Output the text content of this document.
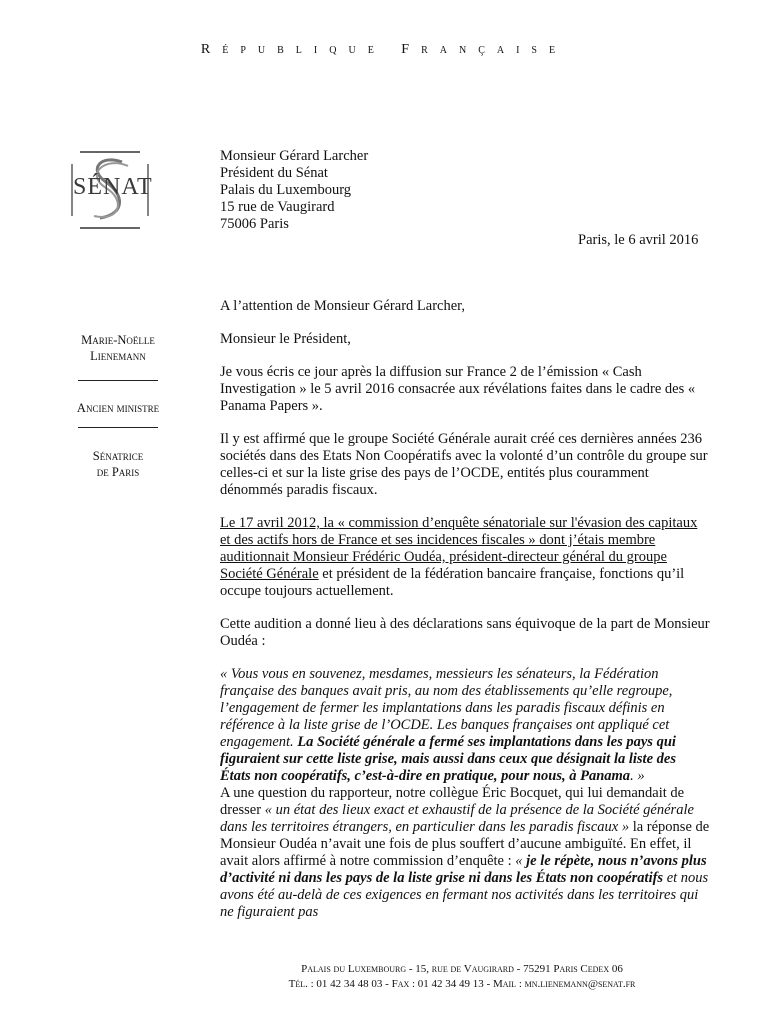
République Française
SÉNAT
Monsieur Gérard Larcher
Président du Sénat
Palais du Luxembourg
15 rue de Vaugirard
75006 Paris
Paris, le 6 avril 2016
Marie-Noëlle
Lienemann
Ancien ministre
Sénatrice
de Paris

A l’attention de Monsieur Gérard Larcher,

Monsieur le Président,

Je vous écris ce jour après la diffusion sur France 2 de l’émission « Cash Investigation » le 5 avril 2016 consacrée aux révélations faites dans le cadre des « Panama Papers ».

Il y est affirmé que le groupe Société Générale aurait créé ces dernières années 236 sociétés dans des Etats Non Coopératifs avec la volonté d’un contrôle du groupe sur celles-ci et sur la liste grise des pays de l’OCDE, entités plus couramment dénommés paradis fiscaux.

Le 17 avril 2012, la « commission d’enquête sénatoriale sur l'évasion des capitaux et des actifs hors de France et ses incidences fiscales » dont j’étais membre auditionnait Monsieur Frédéric Oudéa, président-directeur général du groupe Société Générale et président de la fédération bancaire française, fonctions qu’il occupe toujours actuellement.

Cette audition a donné lieu à des déclarations sans équivoque de la part de Monsieur Oudéa :

« Vous vous en souvenez, mesdames, messieurs les sénateurs, la Fédération française des banques avait pris, au nom des établissements qu’elle regroupe, l’engagement de fermer les implantations dans les paradis fiscaux définis en référence à la liste grise de l’OCDE. Les banques françaises ont appliqué cet engagement. La Société générale a fermé ses implantations dans les pays qui figuraient sur cette liste grise, mais aussi dans ceux que désignait la liste des États non coopératifs, c’est-à-dire en pratique, pour nous, à Panama. »

A une question du rapporteur, notre collègue Éric Bocquet, qui lui demandait de dresser « un état des lieux exact et exhaustif de la présence de la Société générale dans les territoires étrangers, en particulier dans les paradis fiscaux » la réponse de Monsieur Oudéa n’avait une fois de plus souffert d’aucune ambiguïté. En effet, il avait alors affirmé à notre commission d’enquête : « je le répète, nous n’avons plus d’activité ni dans les pays de la liste grise ni dans les États non coopératifs et nous avons été au-delà de ces exigences en fermant nos activités dans les territoires qui ne figuraient pas

Palais du Luxembourg - 15, rue de Vaugirard - 75291 Paris Cedex 06
Tél. : 01 42 34 48 03 - Fax : 01 42 34 49 13 - Mail : mn.lienemann@senat.fr
